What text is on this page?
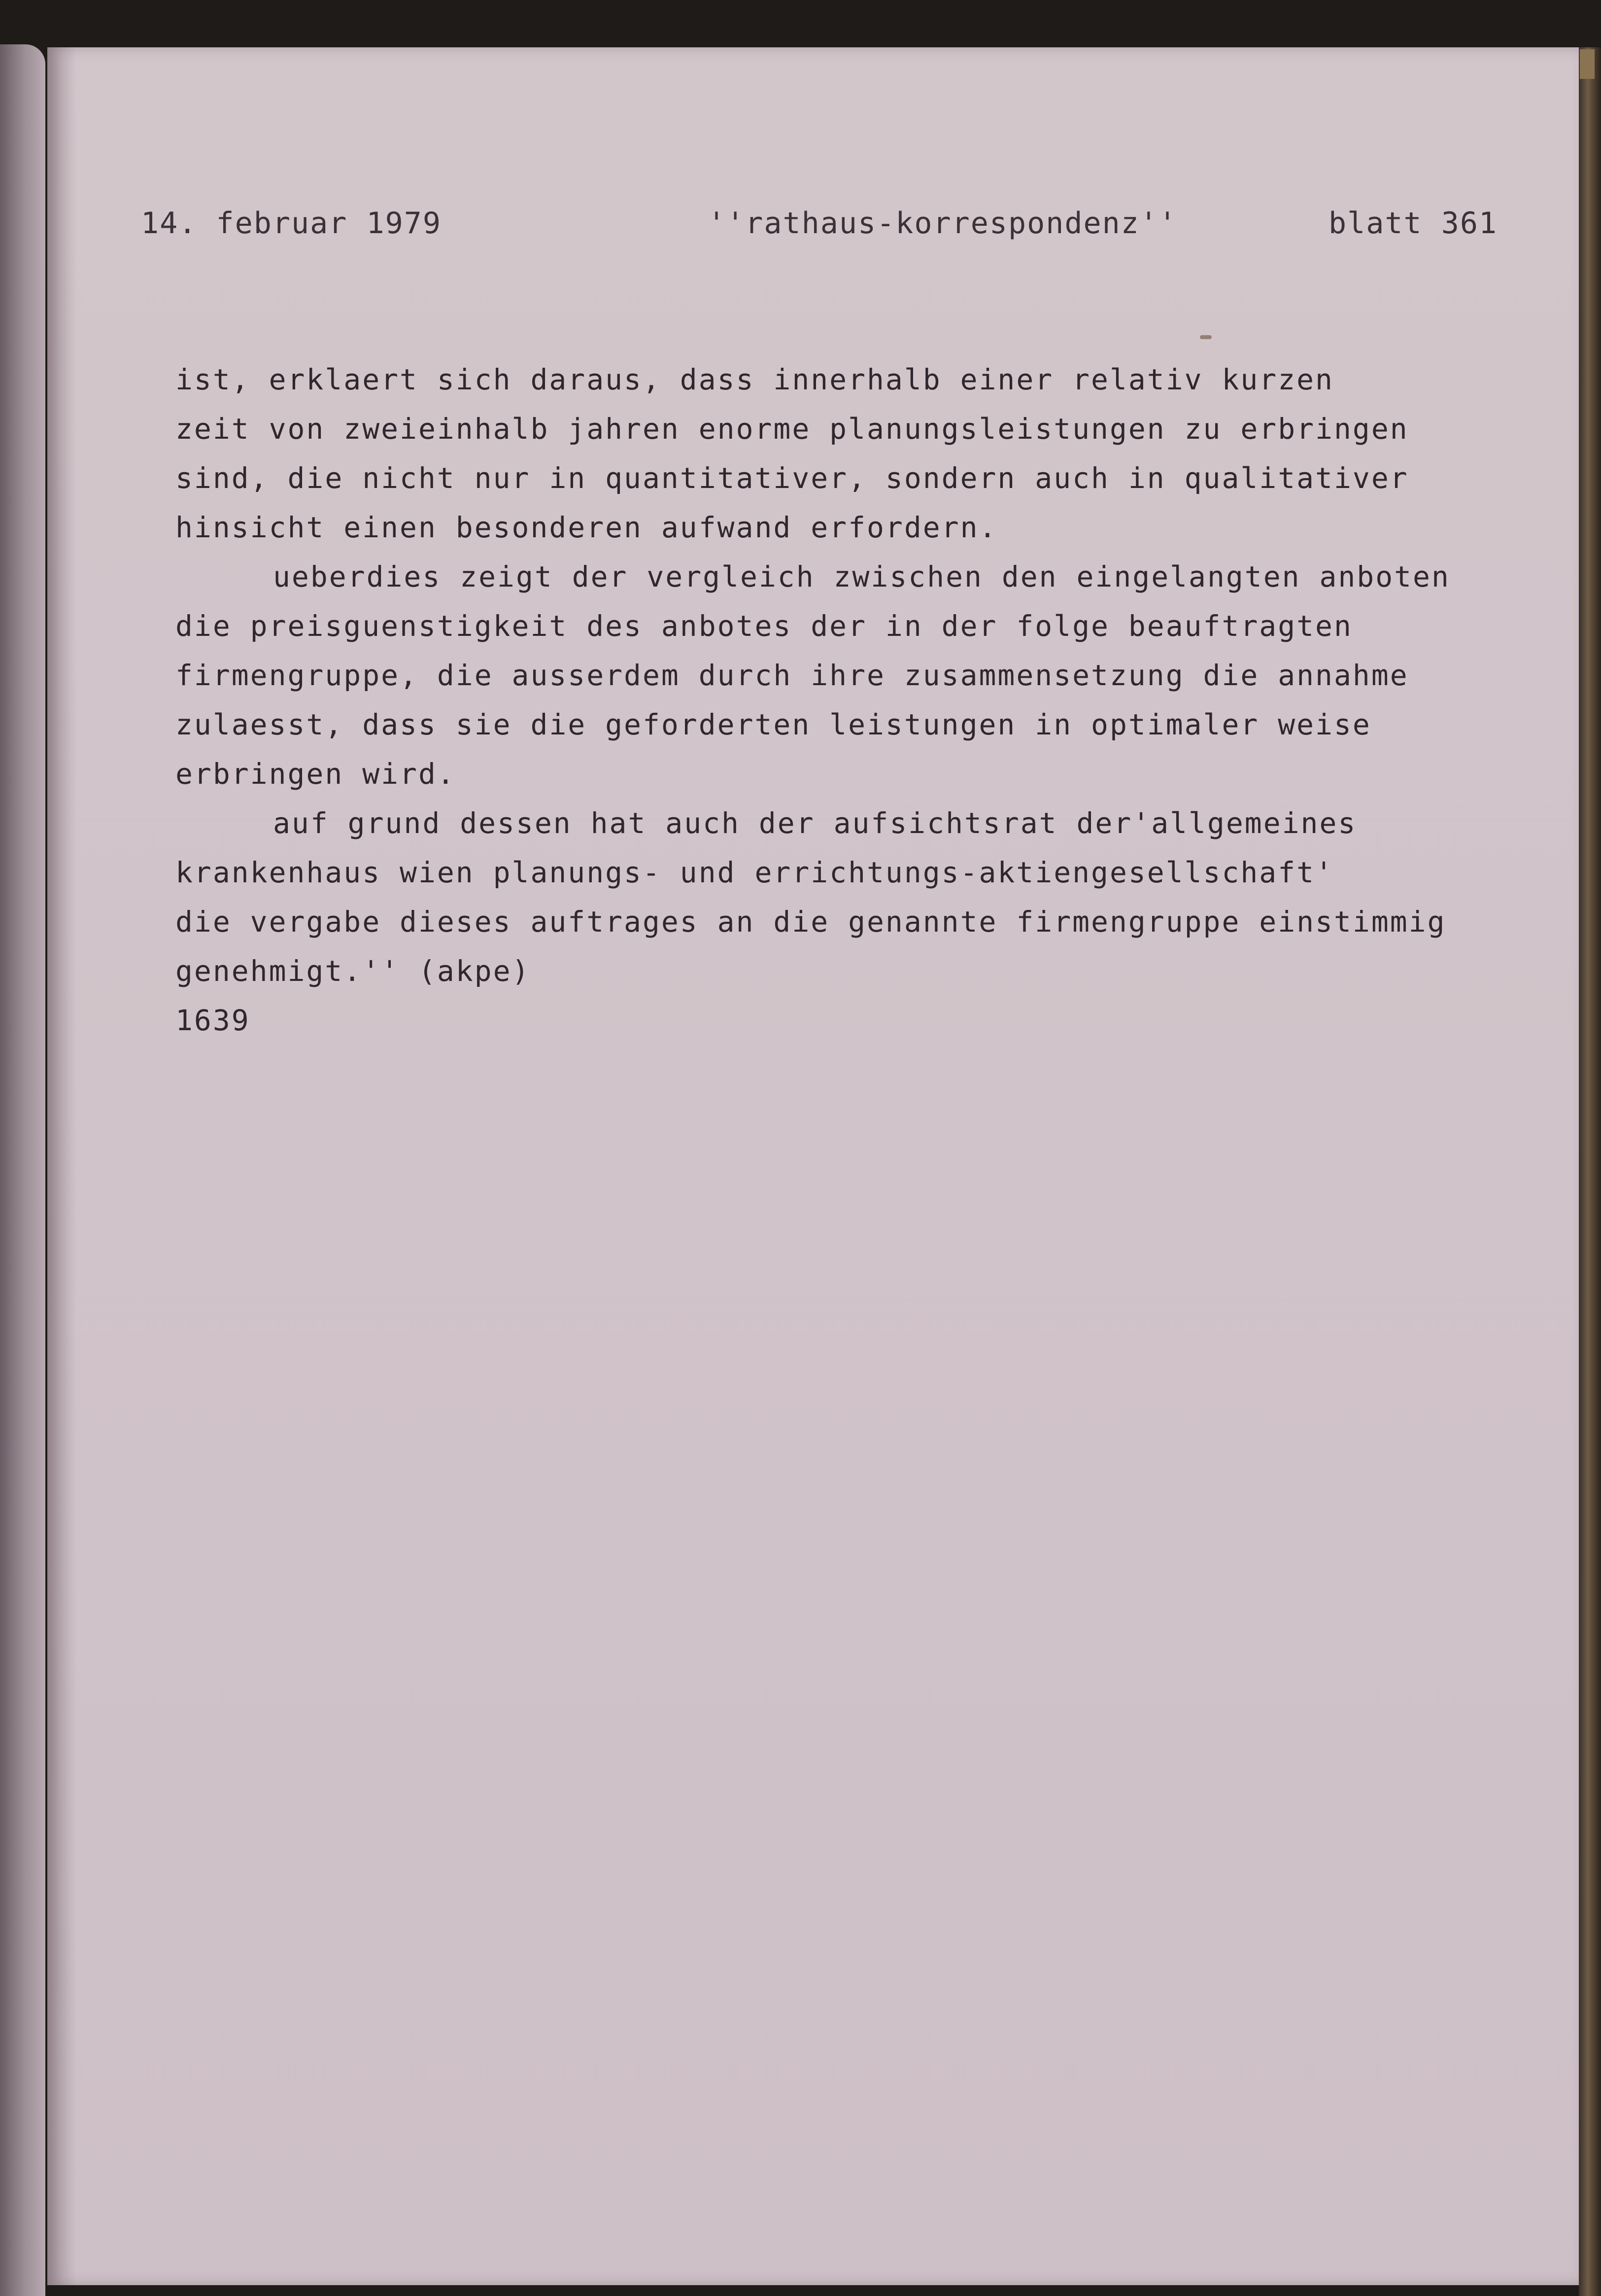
14. februar 1979	''rathaus-korrespondenz''	blatt 361
ist, erklaert sich daraus, dass innerhalb einer relativ kurzen
zeit von zweieinhalb jahren enorme planungsleistungen zu erbringen
sind, die nicht nur in quantitativer, sondern auch in qualitativer
hinsicht einen besonderen aufwand erfordern.
ueberdies zeigt der vergleich zwischen den eingelangten anboten
die preisguenstigkeit des anbotes der in der folge beauftragten
firmengruppe, die ausserdem durch ihre zusammensetzung die annahme
zulaesst, dass sie die geforderten leistungen in optimaler weise
erbringen wird.
auf grund dessen hat auch der aufsichtsrat der'allgemeines
krankenhaus wien planungs- und errichtungs-aktiengesellschaft'
die vergabe dieses auftrages an die genannte firmengruppe einstimmig
genehmigt.'' (akpe)
1639
